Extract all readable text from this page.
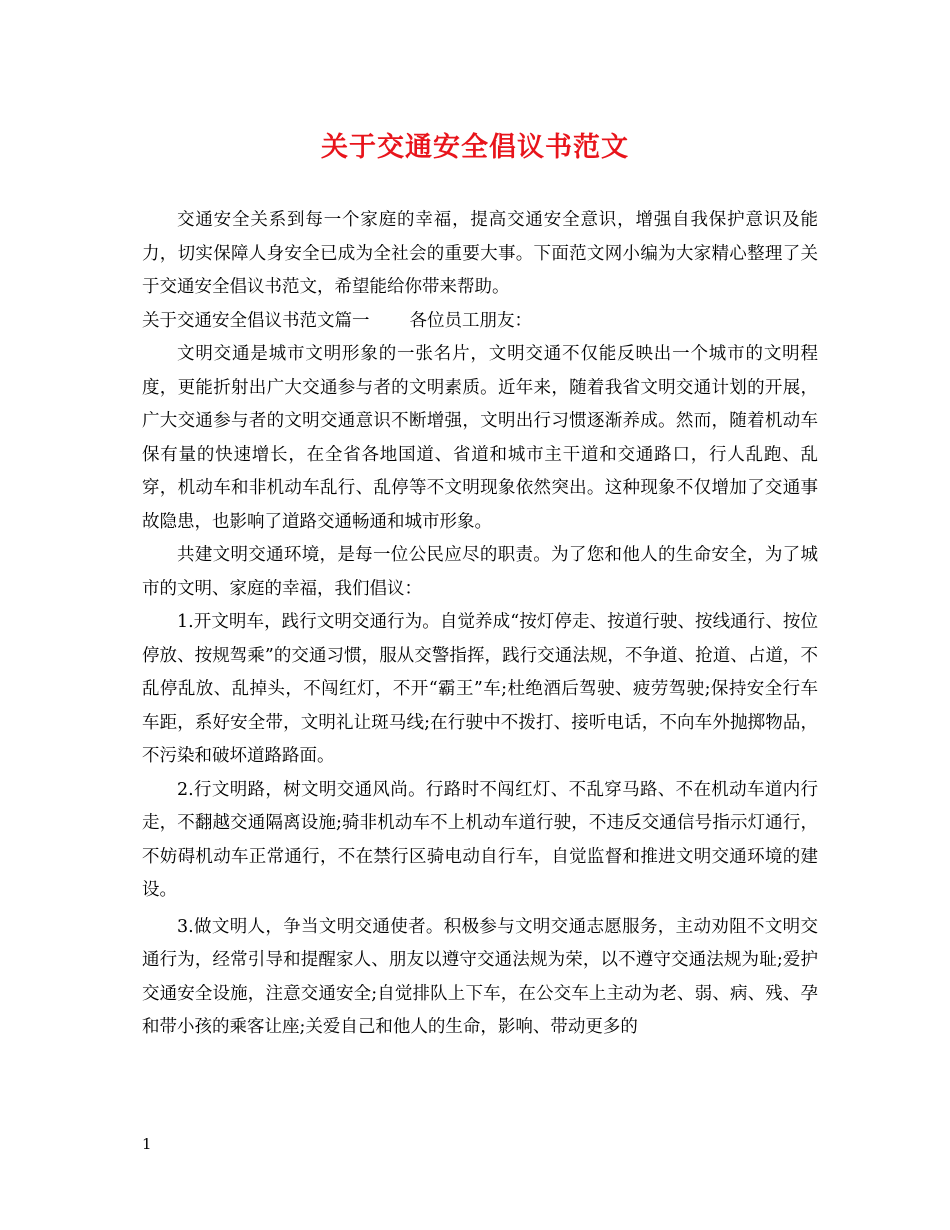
关于交通安全倡议书范文

交通安全关系到每一个家庭的幸福，提高交通安全意识，增强自我保护意识及能力，切实保障人身安全已成为全社会的重要大事。下面范文网小编为大家精心整理了关于交通安全倡议书范文，希望能给你带来帮助。

关于交通安全倡议书范文篇一 各位员工朋友：

文明交通是城市文明形象的一张名片，文明交通不仅能反映出一个城市的文明程度，更能折射出广大交通参与者的文明素质。近年来，随着我省文明交通计划的开展，广大交通参与者的文明交通意识不断增强，文明出行习惯逐渐养成。然而，随着机动车保有量的快速增长，在全省各地国道、省道和城市主干道和交通路口，行人乱跑、乱穿，机动车和非机动车乱行、乱停等不文明现象依然突出。这种现象不仅增加了交通事故隐患，也影响了道路交通畅通和城市形象。

共建文明交通环境，是每一位公民应尽的职责。为了您和他人的生命安全，为了城市的文明、家庭的幸福，我们倡议：

1.开文明车，践行文明交通行为。自觉养成“按灯停走、按道行驶、按线通行、按位停放、按规驾乘”的交通习惯，服从交警指挥，践行交通法规，不争道、抢道、占道，不乱停乱放、乱掉头，不闯红灯，不开“霸王”车;杜绝酒后驾驶、疲劳驾驶;保持安全行车车距，系好安全带，文明礼让斑马线;在行驶中不拨打、接听电话，不向车外抛掷物品，不污染和破坏道路路面。

2.行文明路，树文明交通风尚。行路时不闯红灯、不乱穿马路、不在机动车道内行走，不翻越交通隔离设施;骑非机动车不上机动车道行驶，不违反交通信号指示灯通行，不妨碍机动车正常通行，不在禁行区骑电动自行车，自觉监督和推进文明交通环境的建设。

3.做文明人，争当文明交通使者。积极参与文明交通志愿服务，主动劝阻不文明交通行为，经常引导和提醒家人、朋友以遵守交通法规为荣，以不遵守交通法规为耻;爱护交通安全设施，注意交通安全;自觉排队上下车，在公交车上主动为老、弱、病、残、孕和带小孩的乘客让座;关爱自己和他人的生命，影响、带动更多的

1
